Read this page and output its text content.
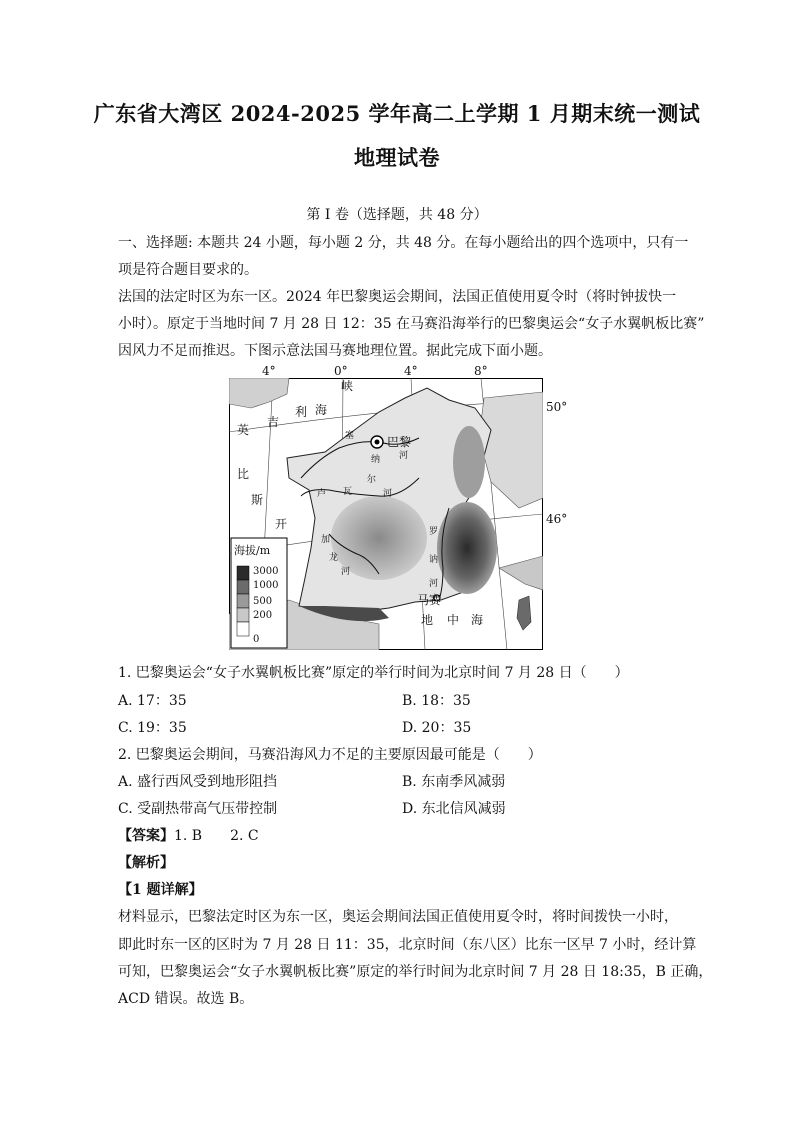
广东省大湾区 2024-2025 学年高二上学期 1 月期末统一测试
地理试卷
第 I 卷（选择题，共 48 分）
一、选择题: 本题共 24 小题，每小题 2 分，共 48 分。在每小题给出的四个选项中，只有一
项是符合题目要求的。
法国的法定时区为东一区。2024 年巴黎奥运会期间，法国正值使用夏令时（将时钟拔快一
小时）。原定于当地时间 7 月 28 日 12：35 在马赛沿海举行的巴黎奥运会“女子水翼帆板比赛”
因风力不足而推迟。下图示意法国马赛地理位置。据此完成下面小题。
峡
利 海
吉
英
比
斯
开
巴黎
马赛
地 中 海
塞
纳 河
卢 瓦
尔
河
加
龙
河
罗
讷
河
海拔/m
3000
1000
500
200
0
4°	0°	4°	8°
50°
46°
1. 巴黎奥运会“女子水翼帆板比赛”原定的举行时间为北京时间 7 月 28 日（　　）
A. 17：35	B. 18：35
C. 19：35	D. 20：35
2. 巴黎奥运会期间，马赛沿海风力不足的主要原因最可能是（　　）
A. 盛行西风受到地形阻挡	B. 东南季风减弱
C. 受副热带高气压带控制	D. 东北信风减弱
【答案】1. B　　2. C
【解析】
【1 题详解】
材料显示，巴黎法定时区为东一区，奥运会期间法国正值使用夏令时，将时间拨快一小时，
即此时东一区的区时为 7 月 28 日 11：35，北京时间（东八区）比东一区早 7 小时，经计算
可知，巴黎奥运会“女子水翼帆板比赛”原定的举行时间为北京时间 7 月 28 日 18:35，B 正确，
ACD 错误。故选 B。
